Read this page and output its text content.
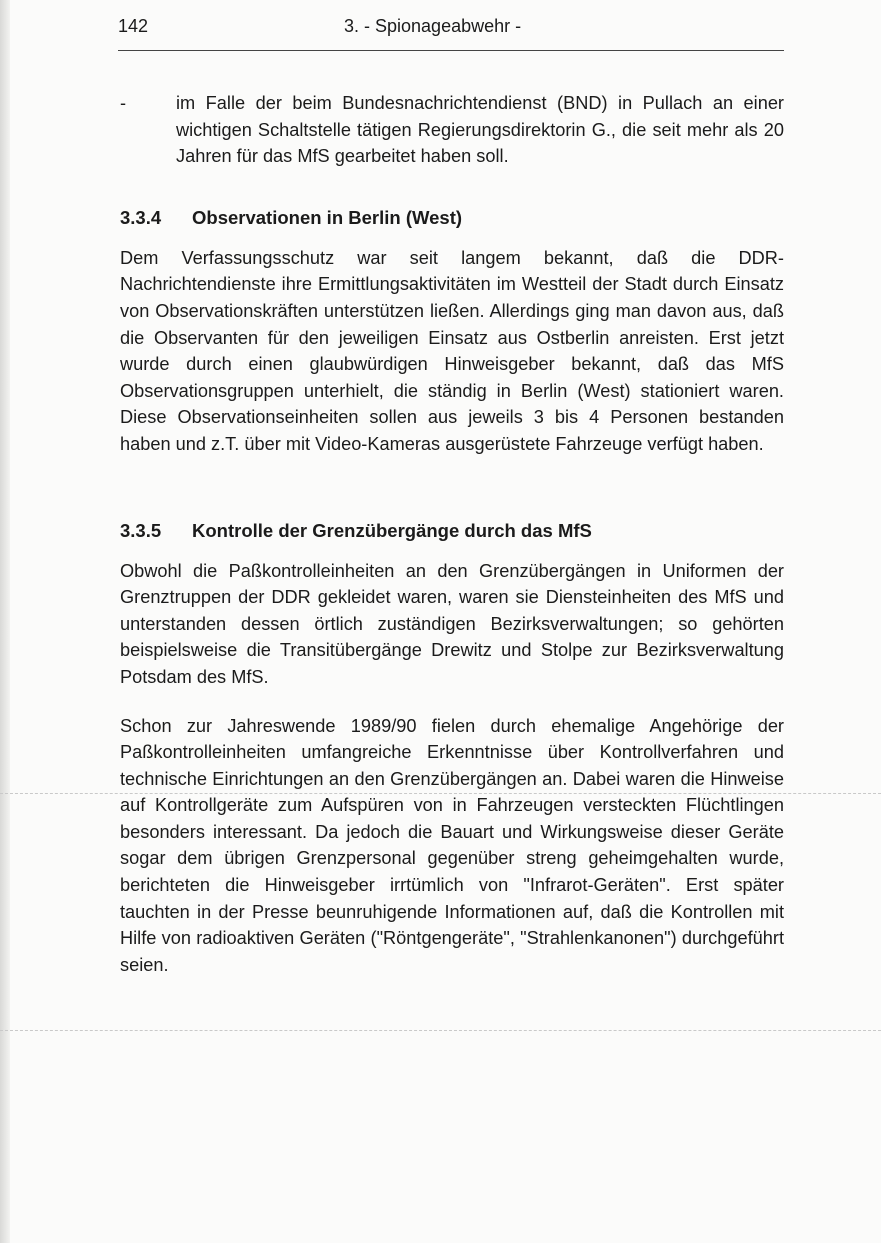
142	3. - Spionageabwehr -
-	im Falle der beim Bundesnachrichtendienst (BND) in Pullach an einer wichtigen Schaltstelle tätigen Regierungsdirektorin G., die seit mehr als 20 Jahren für das MfS gearbeitet haben soll.
3.3.4 Observationen in Berlin (West)

Dem Verfassungsschutz war seit langem bekannt, daß die DDR-Nachrichtendienste ihre Ermittlungsaktivitäten im Westteil der Stadt durch Einsatz von Observationskräften unterstützen ließen. Allerdings ging man davon aus, daß die Observanten für den jeweiligen Einsatz aus Ostberlin anreisten. Erst jetzt wurde durch einen glaubwürdigen Hinweisgeber bekannt, daß das MfS Observationsgruppen unterhielt, die ständig in Berlin (West) stationiert waren. Diese Observationseinheiten sollen aus jeweils 3 bis 4 Personen bestanden haben und z.T. über mit Video-Kameras ausgerüstete Fahrzeuge verfügt haben.

3.3.5 Kontrolle der Grenzübergänge durch das MfS

Obwohl die Paßkontrolleinheiten an den Grenzübergängen in Uniformen der Grenztruppen der DDR gekleidet waren, waren sie Diensteinheiten des MfS und unterstanden dessen örtlich zuständigen Bezirksverwaltungen; so gehörten beispielsweise die Transitübergänge Drewitz und Stolpe zur Bezirksverwaltung Potsdam des MfS.

Schon zur Jahreswende 1989/90 fielen durch ehemalige Angehörige der Paßkontrolleinheiten umfangreiche Erkenntnisse über Kontrollverfahren und technische Einrichtungen an den Grenzübergängen an. Dabei waren die Hinweise auf Kontrollgeräte zum Aufspüren von in Fahrzeugen versteckten Flüchtlingen besonders interessant. Da jedoch die Bauart und Wirkungsweise dieser Geräte sogar dem übrigen Grenzpersonal gegenüber streng geheimgehalten wurde, berichteten die Hinweisgeber irrtümlich von "Infrarot-Geräten". Erst später tauchten in der Presse beunruhigende Informationen auf, daß die Kontrollen mit Hilfe von radioaktiven Geräten ("Röntgengeräte", "Strahlenkanonen") durchgeführt seien.
